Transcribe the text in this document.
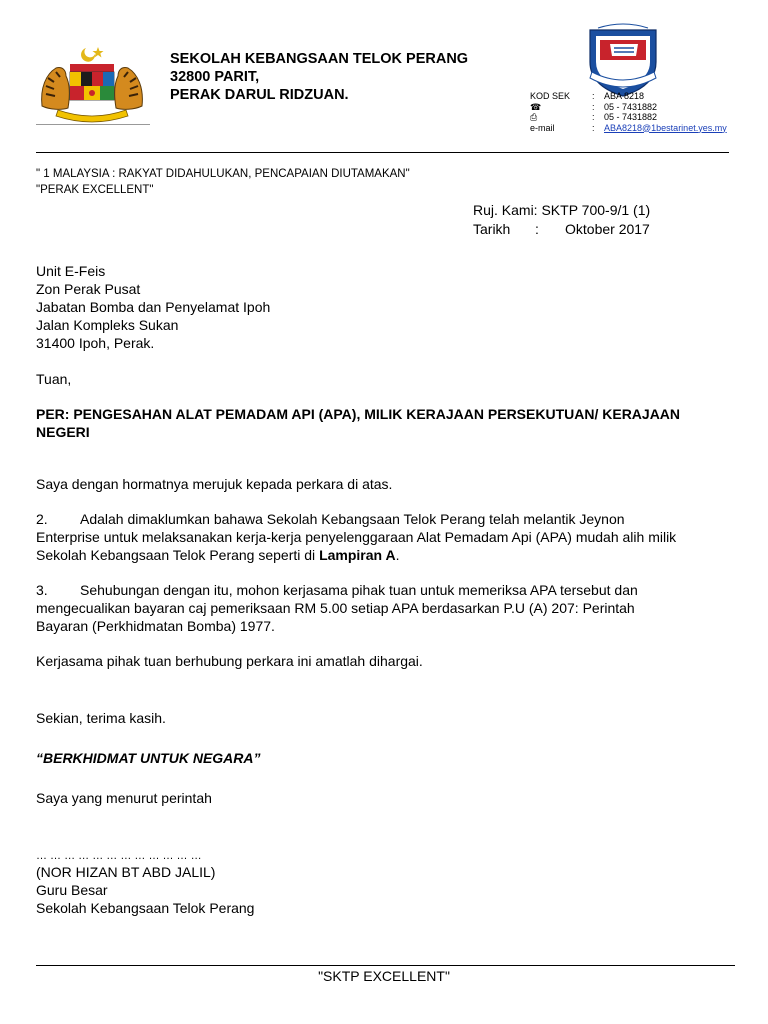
SEKOLAH KEBANGSAAN TELOK PERANG
32800 PARIT,
PERAK DARUL RIDZUAN.	KOD SEK	:	ABA 8218
☎	:	05 - 7431882
⎙	:	05 - 7431882
e-mail	:	ABA8218@1bestarinet.yes.my
" 1 MALAYSIA : RAKYAT DIDAHULUKAN, PENCAPAIAN DIUTAMAKAN"
"PERAK EXCELLENT"
Ruj. Kami:
SKTP 700-9/1 (1)
Tarikh	:	Oktober 2017

Unit E-Feis

Zon Perak Pusat

Jabatan Bomba dan Penyelamat Ipoh

Jalan Kompleks Sukan

31400 Ipoh, Perak.

Tuan,

PER: PENGESAHAN ALAT PEMADAM API (APA), MILIK KERAJAAN PERSEKUTUAN/ KERAJAAN NEGERI

Saya dengan hormatnya merujuk kepada perkara di atas.

2. Adalah dimaklumkan bahawa Sekolah Kebangsaan Telok Perang telah melantik Jeynon

Enterprise untuk melaksanakan kerja-kerja penyelenggaraan Alat Pemadam Api (APA) mudah alih milik

Sekolah Kebangsaan Telok Perang seperti di Lampiran A.

3. Sehubungan dengan itu, mohon kerjasama pihak tuan untuk memeriksa APA tersebut dan

mengecualikan bayaran caj pemeriksaan RM 5.00 setiap APA berdasarkan P.U (A) 207: Perintah

Bayaran (Perkhidmatan Bomba) 1977.

Kerjasama pihak tuan berhubung perkara ini amatlah dihargai.

Sekian, terima kasih.

“BERKHIDMAT UNTUK NEGARA”

Saya yang menurut perintah

… … … … … … … … … … … …

(NOR HIZAN BT ABD JALIL)

Guru Besar

Sekolah Kebangsaan Telok Perang

"SKTP EXCELLENT"
